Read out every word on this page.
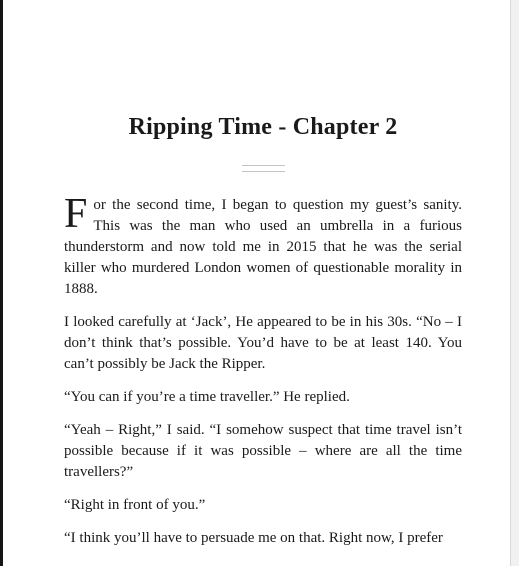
Ripping Time - Chapter 2

For the second time, I began to question my guest’s sanity. This was the man who used an umbrella in a furious thunderstorm and now told me in 2015 that he was the serial killer who murdered London women of questionable morality in 1888.

I looked carefully at ‘Jack’, He appeared to be in his 30s. “No – I don’t think that’s possible. You’d have to be at least 140. You can’t possibly be Jack the Ripper.

“You can if you’re a time traveller.” He replied.

“Yeah – Right,” I said. “I somehow suspect that time travel isn’t possible because if it was possible – where are all the time travellers?”

“Right in front of you.”

“I think you’ll have to persuade me on that. Right now, I prefer
